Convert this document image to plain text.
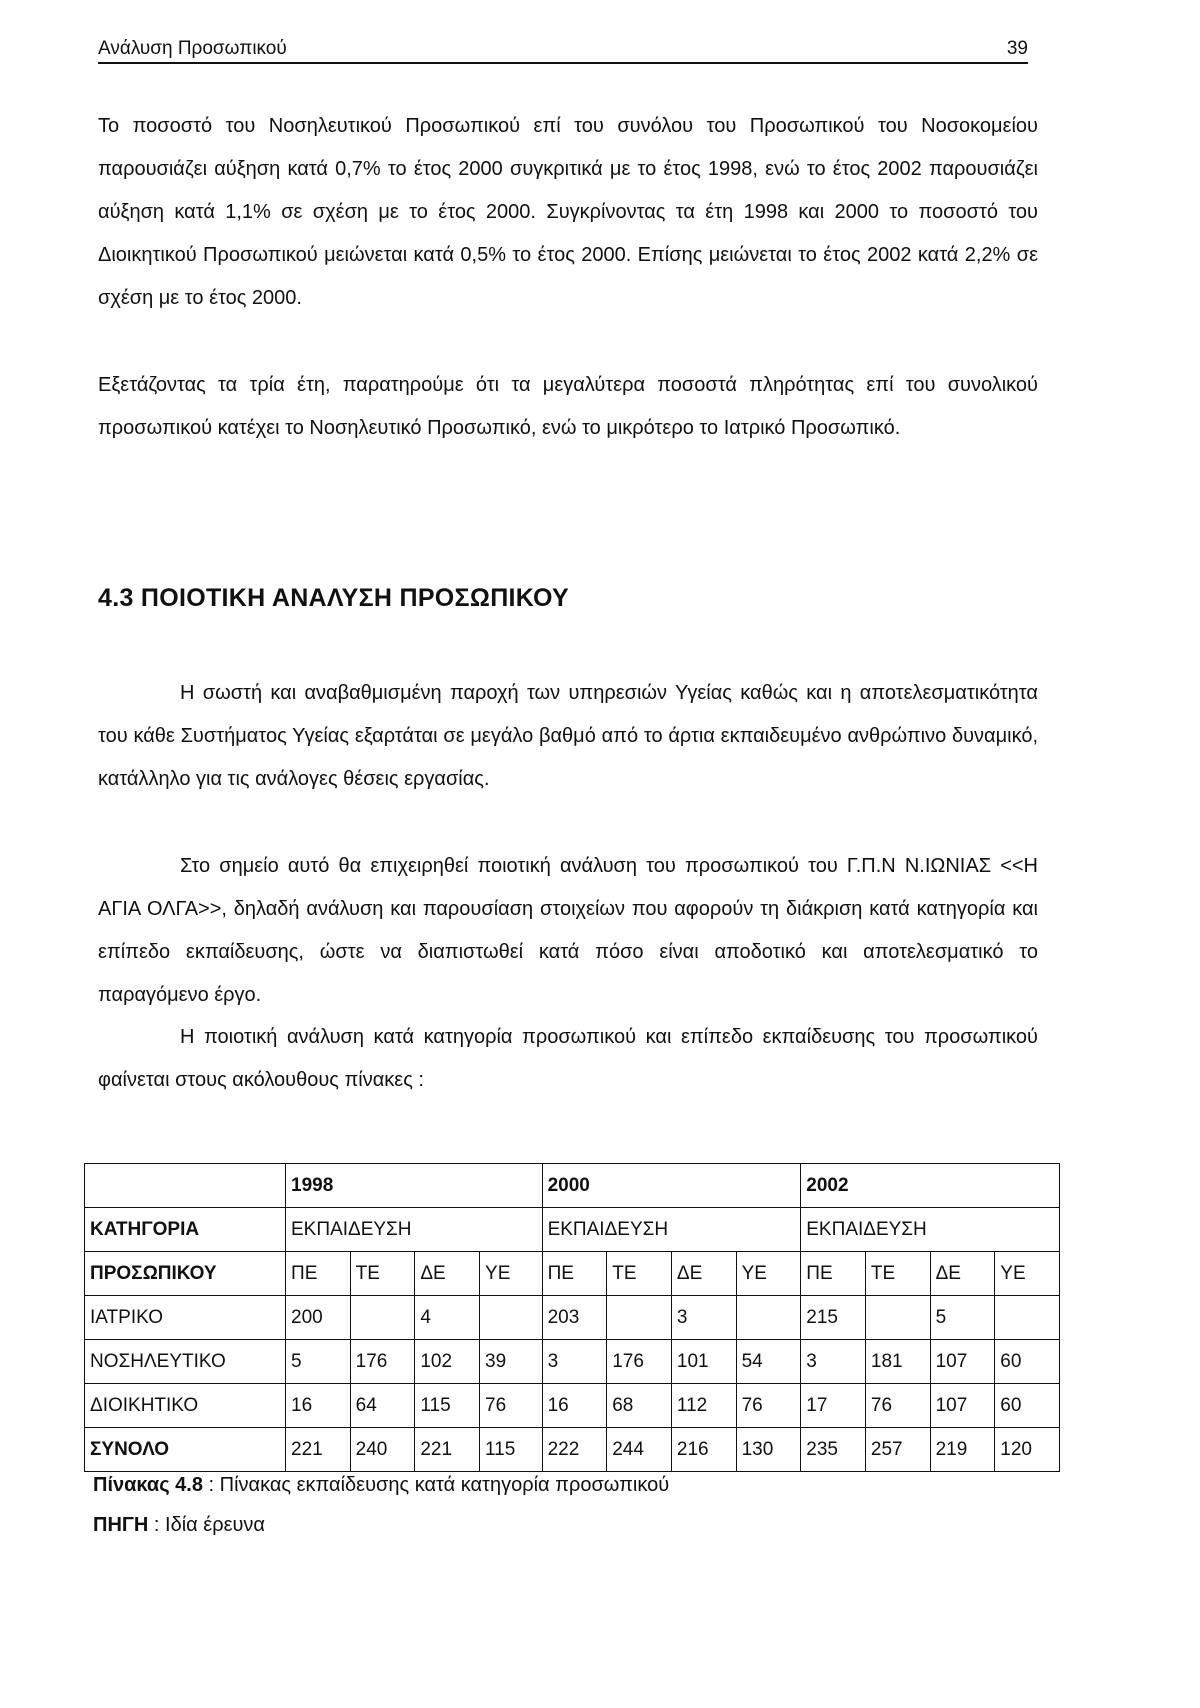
Ανάλυση Προσωπικού	39
Το ποσοστό του Νοσηλευτικού Προσωπικού επί του συνόλου του Προσωπικού του Νοσοκομείου παρουσιάζει αύξηση κατά 0,7% το έτος 2000 συγκριτικά με το έτος 1998, ενώ το έτος 2002 παρουσιάζει αύξηση κατά 1,1% σε σχέση με το έτος 2000. Συγκρίνοντας τα έτη 1998 και 2000 το ποσοστό του Διοικητικού Προσωπικού μειώνεται κατά 0,5% το έτος 2000. Επίσης μειώνεται το έτος 2002 κατά 2,2% σε σχέση με το έτος 2000.
Εξετάζοντας τα τρία έτη, παρατηρούμε ότι τα μεγαλύτερα ποσοστά πληρότητας επί του συνολικού προσωπικού κατέχει το Νοσηλευτικό Προσωπικό, ενώ το μικρότερο το Ιατρικό Προσωπικό.
4.3 ΠΟΙΟΤΙΚΗ ΑΝΑΛΥΣΗ ΠΡΟΣΩΠΙΚΟΥ
Η σωστή και αναβαθμισμένη παροχή των υπηρεσιών Υγείας καθώς και η αποτελεσματικότητα του κάθε Συστήματος Υγείας εξαρτάται σε μεγάλο βαθμό από το άρτια εκπαιδευμένο ανθρώπινο δυναμικό, κατάλληλο για τις ανάλογες θέσεις εργασίας.
Στο σημείο αυτό θα επιχειρηθεί ποιοτική ανάλυση του προσωπικού του Γ.Π.Ν Ν.ΙΩΝΙΑΣ <<Η ΑΓΙΑ ΟΛΓΑ>>, δηλαδή ανάλυση και παρουσίαση στοιχείων που αφορούν τη διάκριση κατά κατηγορία και επίπεδο εκπαίδευσης, ώστε να διαπιστωθεί κατά πόσο είναι αποδοτικό και αποτελεσματικό το παραγόμενο έργο.
Η ποιοτική ανάλυση κατά κατηγορία προσωπικού και επίπεδο εκπαίδευσης του προσωπικού φαίνεται στους ακόλουθους πίνακες :
	1998				2000				2002			
ΚΑΤΗΓΟΡΙΑ	ΕΚΠΑΙΔΕΥΣΗ				ΕΚΠΑΙΔΕΥΣΗ				ΕΚΠΑΙΔΕΥΣΗ			
ΠΡΟΣΩΠΙΚΟΥ	ΠΕ	ΤΕ	ΔΕ	ΥΕ	ΠΕ	ΤΕ	ΔΕ	ΥΕ	ΠΕ	ΤΕ	ΔΕ	ΥΕ
ΙΑΤΡΙΚΟ	200		4		203		3		215		5	
ΝΟΣΗΛΕΥΤΙΚΟ	5	176	102	39	3	176	101	54	3	181	107	60
ΔΙΟΙΚΗΤΙΚΟ	16	64	115	76	16	68	112	76	17	76	107	60
ΣΥΝΟΛΟ	221	240	221	115	222	244	216	130	235	257	219	120
Πίνακας 4.8 : Πίνακας εκπαίδευσης κατά κατηγορία προσωπικού
ΠΗΓΗ : Ιδία έρευνα
